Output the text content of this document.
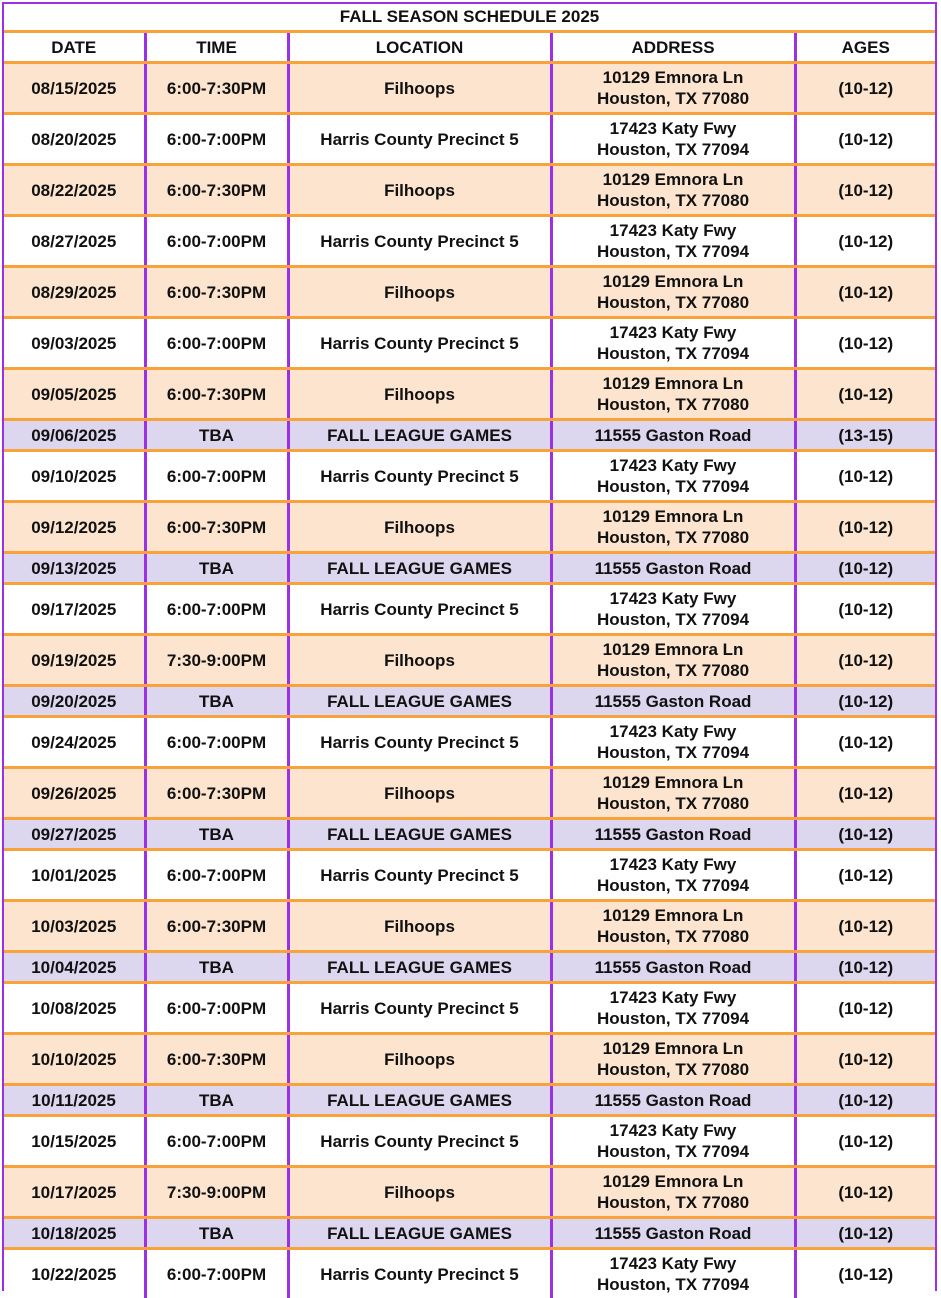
FALL SEASON SCHEDULE 2025
DATE	TIME	LOCATION	ADDRESS	AGES
08/15/2025	6:00-7:30PM	Filhoops	10129 Emnora Ln
Houston, TX 77080	(10-12)
08/20/2025	6:00-7:00PM	Harris County Precinct 5	17423 Katy Fwy
Houston, TX 77094	(10-12)
08/22/2025	6:00-7:30PM	Filhoops	10129 Emnora Ln
Houston, TX 77080	(10-12)
08/27/2025	6:00-7:00PM	Harris County Precinct 5	17423 Katy Fwy
Houston, TX 77094	(10-12)
08/29/2025	6:00-7:30PM	Filhoops	10129 Emnora Ln
Houston, TX 77080	(10-12)
09/03/2025	6:00-7:00PM	Harris County Precinct 5	17423 Katy Fwy
Houston, TX 77094	(10-12)
09/05/2025	6:00-7:30PM	Filhoops	10129 Emnora Ln
Houston, TX 77080	(10-12)
09/06/2025	TBA	FALL LEAGUE GAMES	11555 Gaston Road	(13-15)
09/10/2025	6:00-7:00PM	Harris County Precinct 5	17423 Katy Fwy
Houston, TX 77094	(10-12)
09/12/2025	6:00-7:30PM	Filhoops	10129 Emnora Ln
Houston, TX 77080	(10-12)
09/13/2025	TBA	FALL LEAGUE GAMES	11555 Gaston Road	(10-12)
09/17/2025	6:00-7:00PM	Harris County Precinct 5	17423 Katy Fwy
Houston, TX 77094	(10-12)
09/19/2025	7:30-9:00PM	Filhoops	10129 Emnora Ln
Houston, TX 77080	(10-12)
09/20/2025	TBA	FALL LEAGUE GAMES	11555 Gaston Road	(10-12)
09/24/2025	6:00-7:00PM	Harris County Precinct 5	17423 Katy Fwy
Houston, TX 77094	(10-12)
09/26/2025	6:00-7:30PM	Filhoops	10129 Emnora Ln
Houston, TX 77080	(10-12)
09/27/2025	TBA	FALL LEAGUE GAMES	11555 Gaston Road	(10-12)
10/01/2025	6:00-7:00PM	Harris County Precinct 5	17423 Katy Fwy
Houston, TX 77094	(10-12)
10/03/2025	6:00-7:30PM	Filhoops	10129 Emnora Ln
Houston, TX 77080	(10-12)
10/04/2025	TBA	FALL LEAGUE GAMES	11555 Gaston Road	(10-12)
10/08/2025	6:00-7:00PM	Harris County Precinct 5	17423 Katy Fwy
Houston, TX 77094	(10-12)
10/10/2025	6:00-7:30PM	Filhoops	10129 Emnora Ln
Houston, TX 77080	(10-12)
10/11/2025	TBA	FALL LEAGUE GAMES	11555 Gaston Road	(10-12)
10/15/2025	6:00-7:00PM	Harris County Precinct 5	17423 Katy Fwy
Houston, TX 77094	(10-12)
10/17/2025	7:30-9:00PM	Filhoops	10129 Emnora Ln
Houston, TX 77080	(10-12)
10/18/2025	TBA	FALL LEAGUE GAMES	11555 Gaston Road	(10-12)
10/22/2025	6:00-7:00PM	Harris County Precinct 5	17423 Katy Fwy
Houston, TX 77094	(10-12)
